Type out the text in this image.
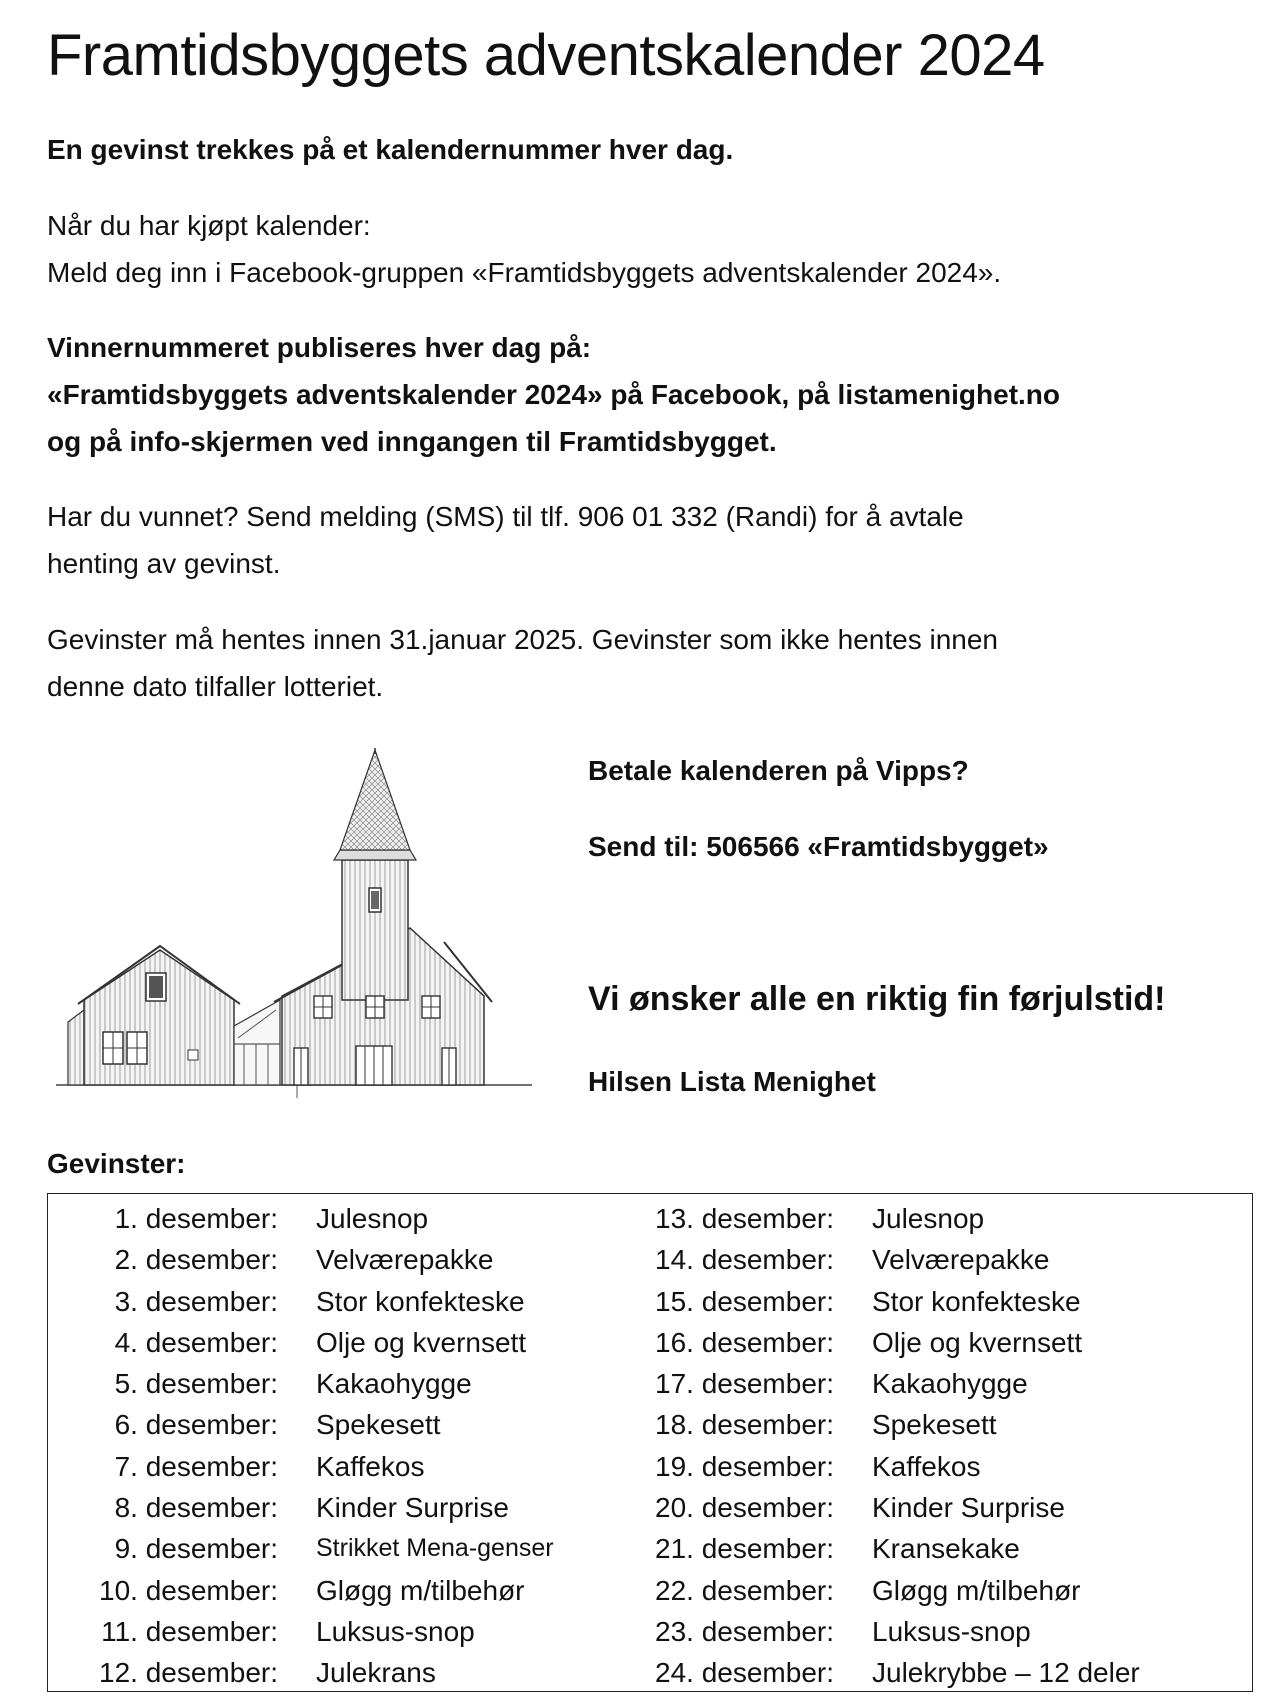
Framtidsbyggets adventskalender 2024
En gevinst trekkes på et kalendernummer hver dag.
Når du har kjøpt kalender:
Meld deg inn i Facebook-gruppen «Framtidsbyggets adventskalender 2024».
Vinnernummeret publiseres hver dag på:
«Framtidsbyggets adventskalender 2024» på Facebook, på listamenighet.no
og på info-skjermen ved inngangen til Framtidsbygget.
Har du vunnet? Send melding (SMS) til tlf. 906 01 332 (Randi) for å avtale
henting av gevinst.
Gevinster må hentes innen 31.januar 2025. Gevinster som ikke hentes innen
denne dato tilfaller lotteriet.
Betale kalenderen på Vipps?
Send til: 506566 «Framtidsbygget»
Vi ønsker alle en riktig fin førjulstid!
Hilsen Lista Menighet
Gevinster:
1. desember: Julesnop
2. desember: Velværepakke
3. desember: Stor konfekteske
4. desember: Olje og kvernsett
5. desember: Kakaohygge
6. desember: Spekesett
7. desember: Kaffekos
8. desember: Kinder Surprise
9. desember: Strikket Mena-genser
10. desember: Gløgg m/tilbehør
11. desember: Luksus-snop
12. desember: Julekrans
13. desember: Julesnop
14. desember: Velværepakke
15. desember: Stor konfekteske
16. desember: Olje og kvernsett
17. desember: Kakaohygge
18. desember: Spekesett
19. desember: Kaffekos
20. desember: Kinder Surprise
21. desember: Kransekake
22. desember: Gløgg m/tilbehør
23. desember: Luksus-snop
24. desember: Julekrybbe – 12 deler
